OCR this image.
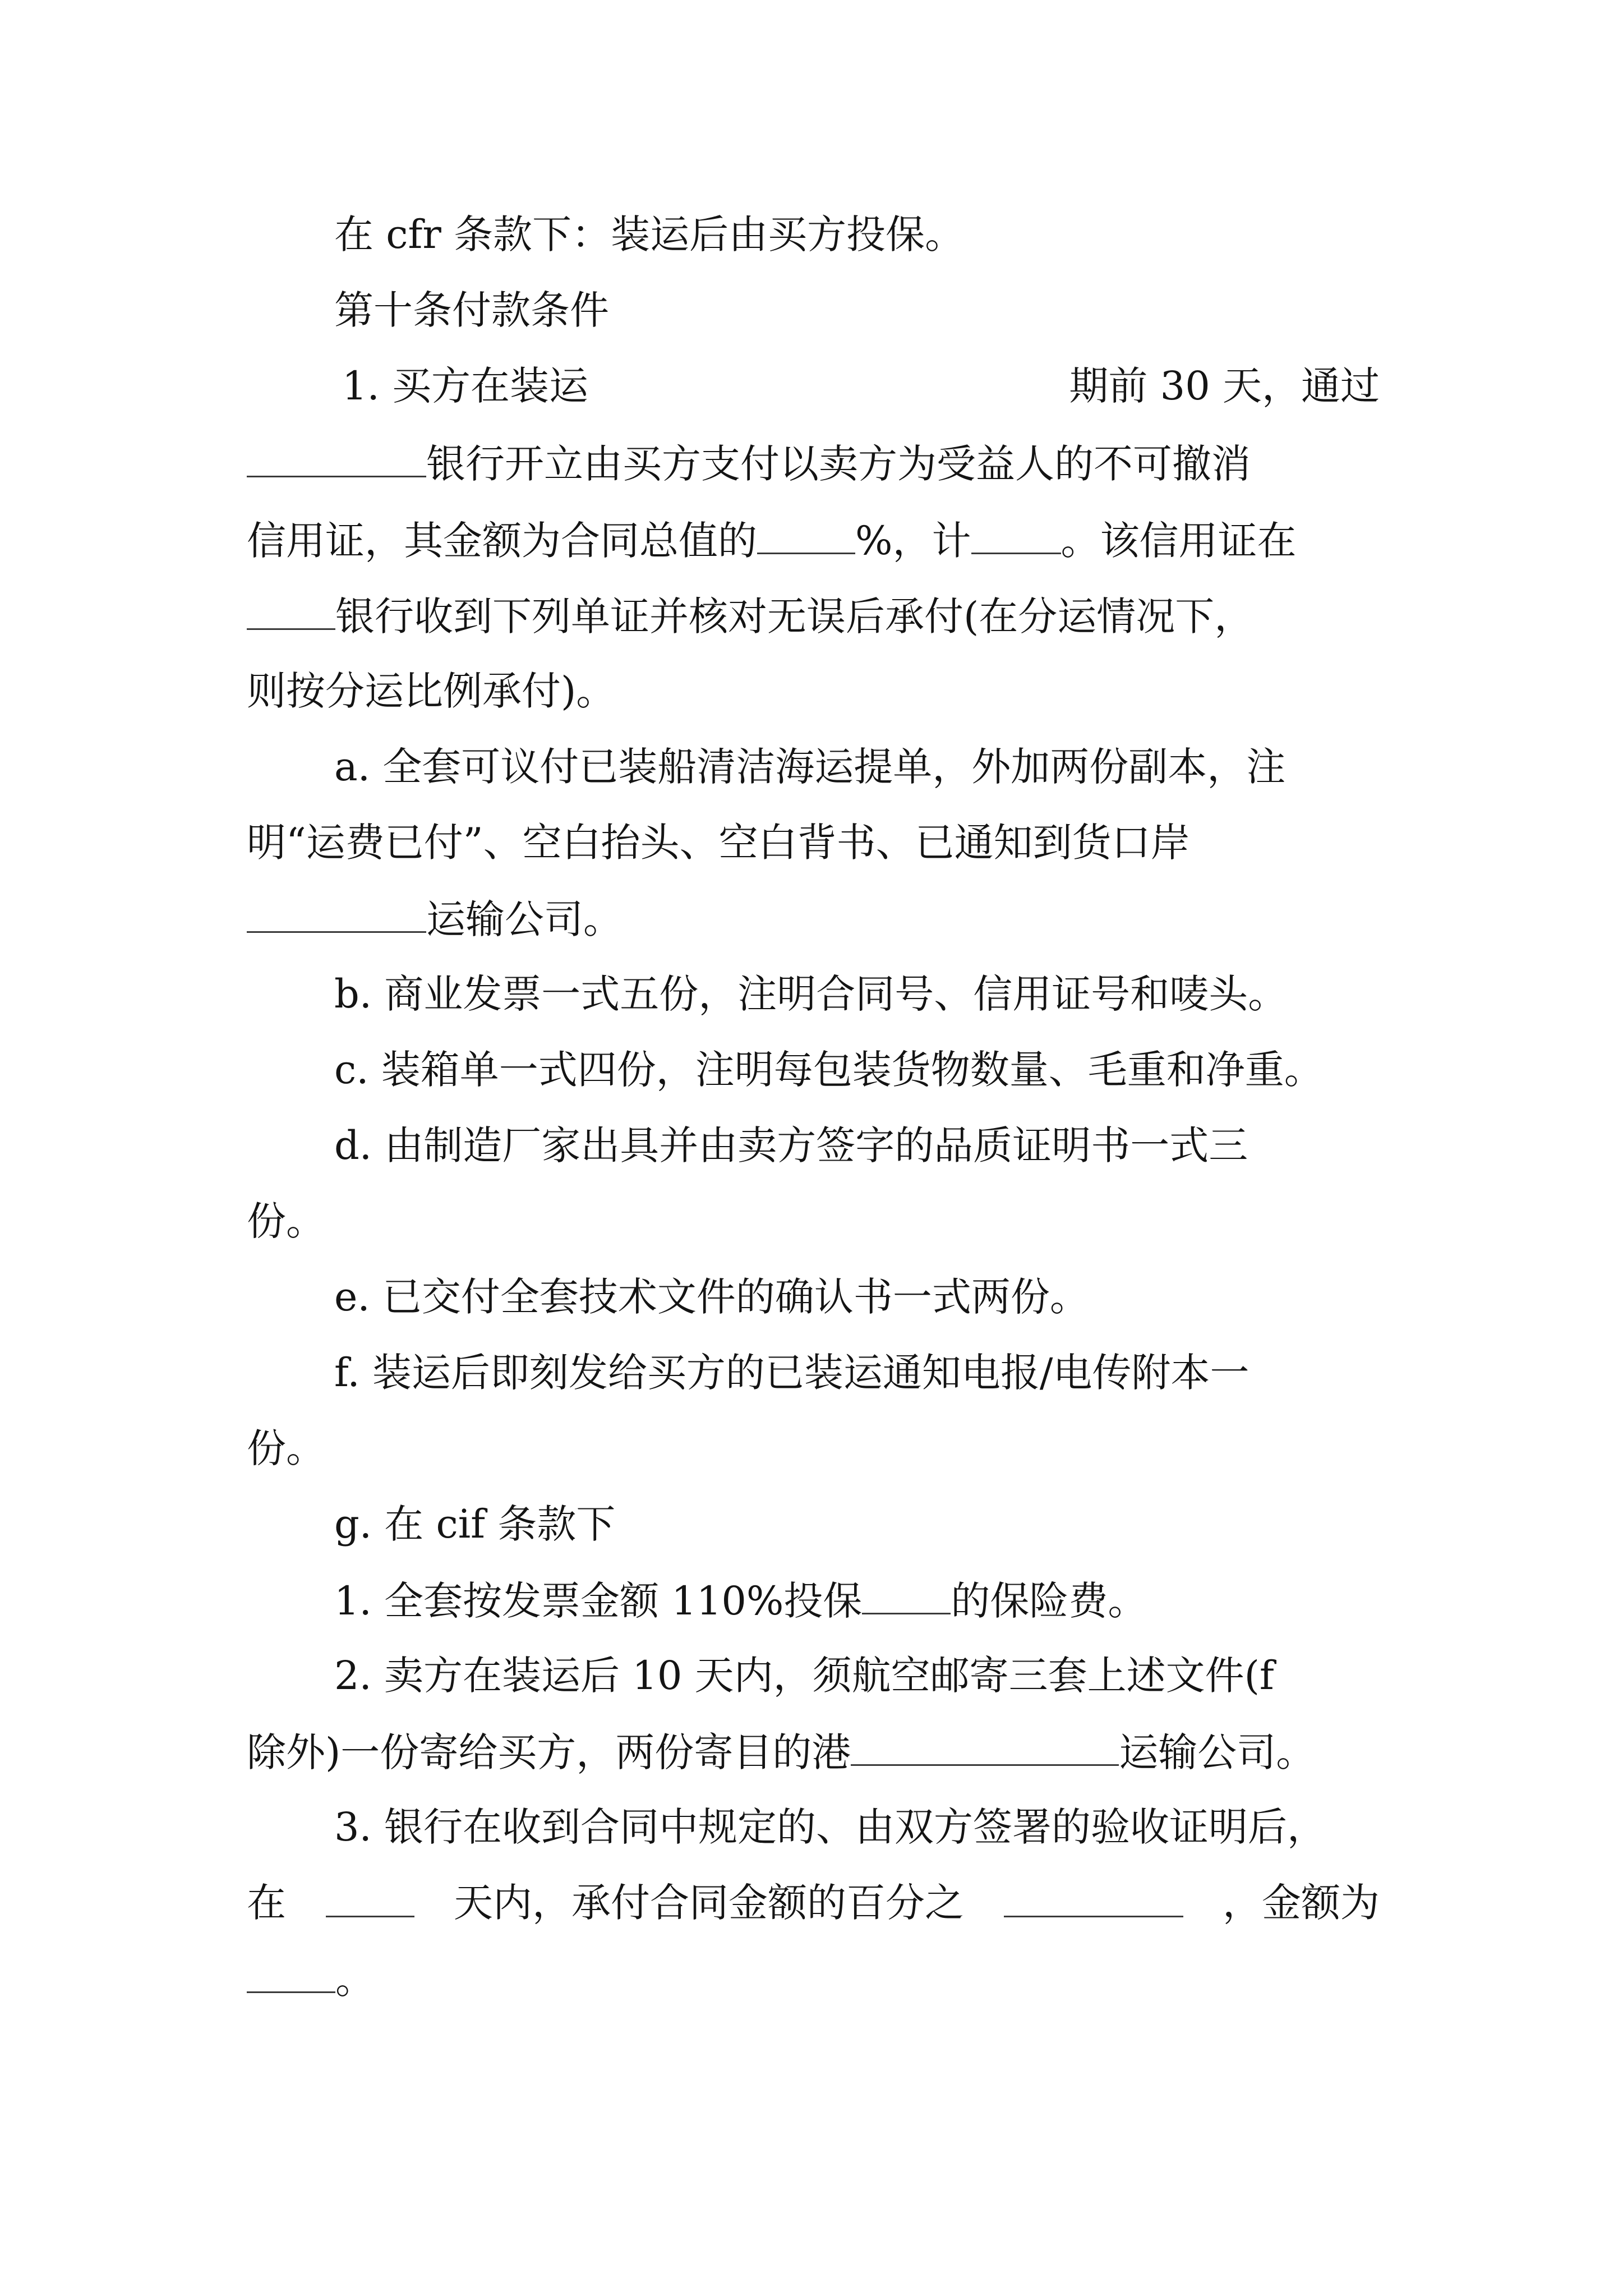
在 cfr 条款下：装运后由买方投保。
第十条付款条件
1. 买方在装运	期前 30 天，通过
银行开立由买方支付以卖方为受益人的不可撤消
信用证，其金额为合同总值的	%，计 。该信用证在
银行收到下列单证并核对无误后承付(在分运情况下，
则按分运比例承付)。
a. 全套可议付已装船清洁海运提单，外加两份副本，注
明“运费已付”、空白抬头、空白背书、已通知到货口岸
运输公司。
b. 商业发票一式五份，注明合同号、信用证号和唛头。
c. 装箱单一式四份，注明每包装货物数量、毛重和净重。
d. 由制造厂家出具并由卖方签字的品质证明书一式三
份。
e. 已交付全套技术文件的确认书一式两份。
f. 装运后即刻发给买方的已装运通知电报/电传附本一
份。
g. 在 cif 条款下
1. 全套按发票金额 110%投保 的保险费。
2. 卖方在装运后 10 天内，须航空邮寄三套上述文件(f
除外)一份寄给买方，两份寄目的港	运输公司。
3. 银行在收到合同中规定的、由双方签署的验收证明后，
在	天内，承付合同金额的百分之	，金额为
。
